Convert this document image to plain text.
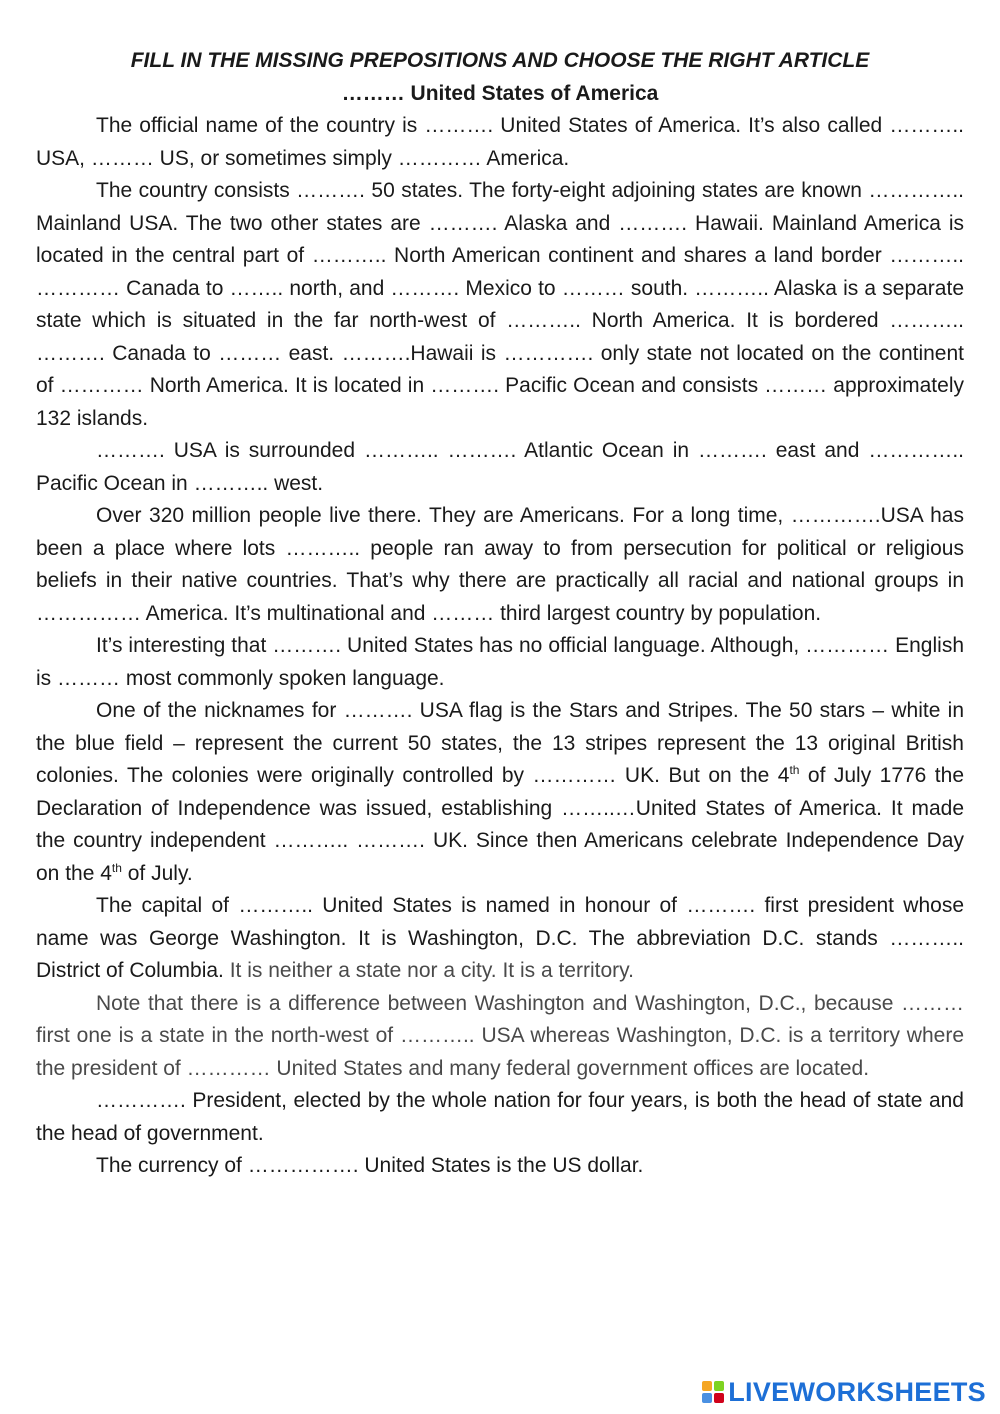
FILL IN THE MISSING PREPOSITIONS AND CHOOSE THE RIGHT ARTICLE

……… United States of America

The official name of the country is ………. United States of America. It’s also called ……….. USA, ……… US, or sometimes simply ………… America.

The country consists ………. 50 states. The forty-eight adjoining states are known ………….. Mainland USA. The two other states are ………. Alaska and ………. Hawaii. Mainland America is located in the central part of ……….. North American continent and shares a land border ……….. ………… Canada to …….. north, and ………. Mexico to ……… south. ……….. Alaska is a separate state which is situated in the far north-west of ……….. North America. It is bordered ……….. ………. Canada to ……… east. ……….Hawaii is …………. only state not located on the continent of ………… North America. It is located in ………. Pacific Ocean and consists ……… approximately 132 islands.

………. USA is surrounded ……….. ………. Atlantic Ocean in ………. east and ………….. Pacific Ocean in ……….. west.

Over 320 million people live there. They are Americans. For a long time, ………….USA has been a place where lots ……….. people ran away to from persecution for political or religious beliefs in their native countries. That’s why there are practically all racial and national groups in …………… America. It’s multinational and ……… third largest country by population.

It’s interesting that ………. United States has no official language. Although, ………… English is ……… most commonly spoken language.

One of the nicknames for ………. USA flag is the Stars and Stripes. The 50 stars – white in the blue field – represent the current 50 states, the 13 stripes represent the 13 original British colonies. The colonies were originally controlled by ………… UK. But on the 4th of July 1776 the Declaration of Independence was issued, establishing ……..…United States of America. It made the country independent ……….. ………. UK. Since then Americans celebrate Independence Day on the 4th of July.

The capital of ……….. United States is named in honour of ………. first president whose name was George Washington. It is Washington, D.C. The abbreviation D.C. stands ……….. District of Columbia. It is neither a state nor a city. It is a territory.

Note that there is a difference between Washington and Washington, D.C., because ……… first one is a state in the north-west of ……….. USA whereas Washington, D.C. is a territory where the president of ………… United States and many federal government offices are located.

…………. President, elected by the whole nation for four years, is both the head of state and the head of government.

The currency of ……………. United States is the US dollar.

LIVEWORKSHEETS
